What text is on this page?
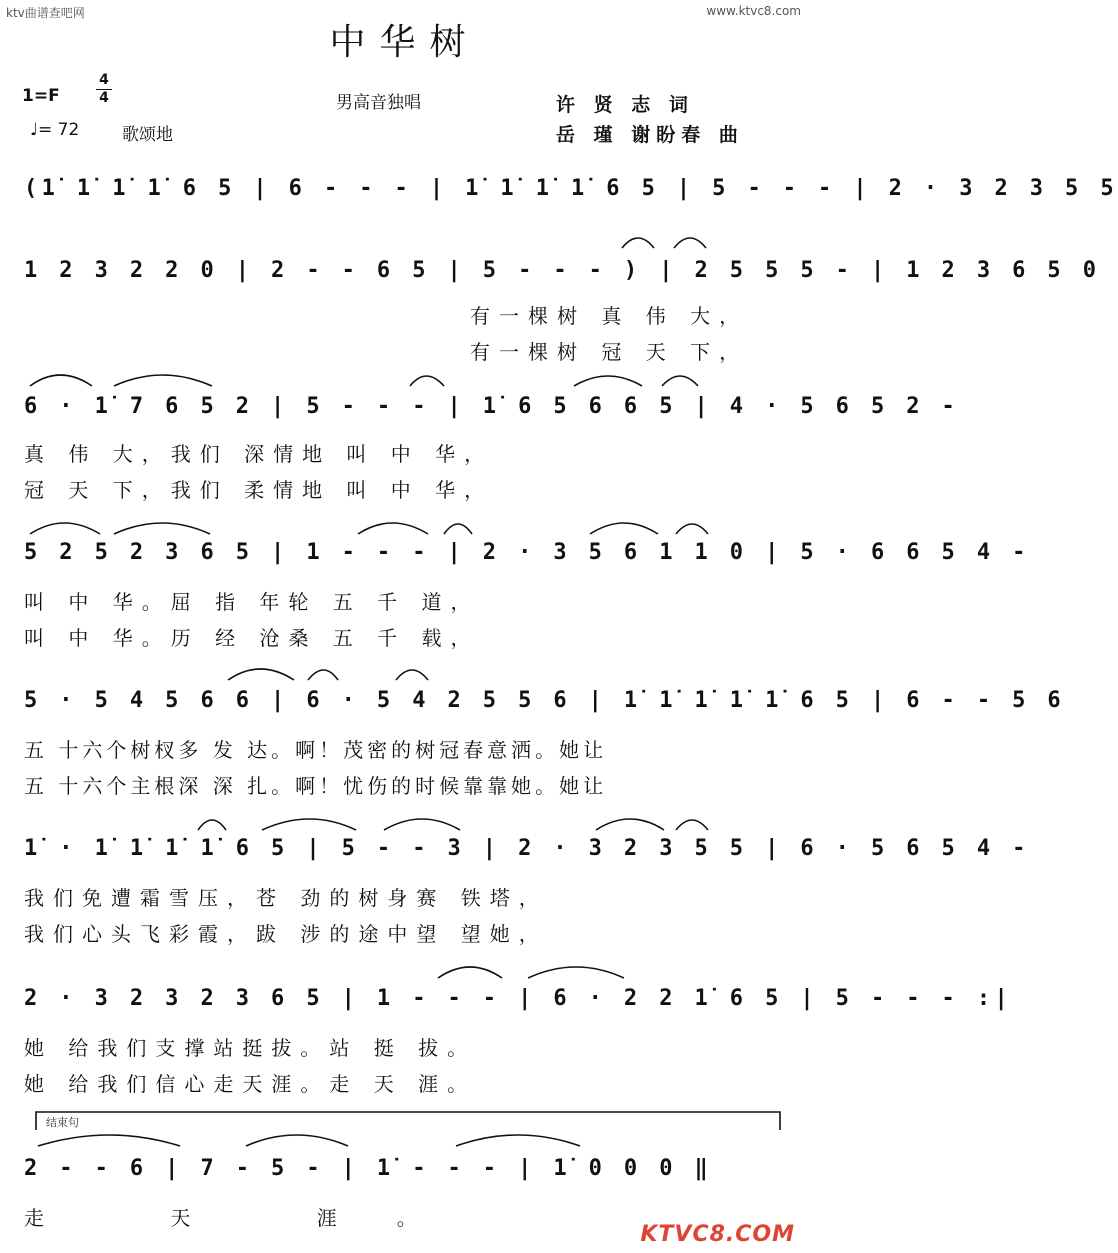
ktv曲谱查吧网	www.ktvc8.com
中华树
1=F
4
4
♩= 72	歌颂地
男高音独唱	许 贤 志 词
岳 瑾 谢盼春 曲
(1̇ 1̇ 1̇ 1̇ 6 5 | 6 - - - | 1̇ 1̇ 1̇ 1̇ 6 5 | 5 - - - | 2 · 3 2 3 5 5
1 2 3 2 2 0 | 2 - - 6 5 | 5 - - - ) | 2 5 5 5 - | 1 2 3 6 5 0
有一棵树 真 伟 大，
有一棵树 冠 天 下，
6 · 1̇ 7 6 5 2 | 5 - - - | 1̇ 6 5 6 6 5 | 4 · 5 6 5 2 -
真 伟 大，我们 深情地 叫 中 华，
冠 天 下，我们 柔情地 叫 中 华，
5 2 5 2 3 6 5 | 1 - - - | 2 · 3 5 6 1 1 0 | 5 · 6 6 5 4 -
叫 中 华。屈 指 年轮 五 千 道，
叫 中 华。历 经 沧桑 五 千 载，
5 · 5 4 5 6 6 | 6 · 5 4 2 5 5 6 | 1̇ 1̇ 1̇ 1̇ 1̇ 6 5 | 6 - - 5 6
五 十六个树杈多 发 达。啊！茂密的树冠春意洒。她让
五 十六个主根深 深 扎。啊！忧伤的时候靠靠她。她让
1̇ · 1̇ 1̇ 1̇ 1̇ 6 5 | 5 - - 3 | 2 · 3 2 3 5 5 | 6 · 5 6 5 4 -
我们免遭霜雪压，苍 劲的树身赛 铁塔，
我们心头飞彩霞，跋 涉的途中望 望她，
2 · 3 2 3 2 3 6 5 | 1 - - - | 6 · 2 2 1̇ 6 5 | 5 - - - :|
她 给我们支撑站挺拔。站 挺 拔。
她 给我们信心走天涯。走 天 涯。
结束句
2 - - 6 | 7 - 5 - | 1̇ - - - | 1̇ 0 0 0 ‖
走 天 涯。
KTVC8.COM
